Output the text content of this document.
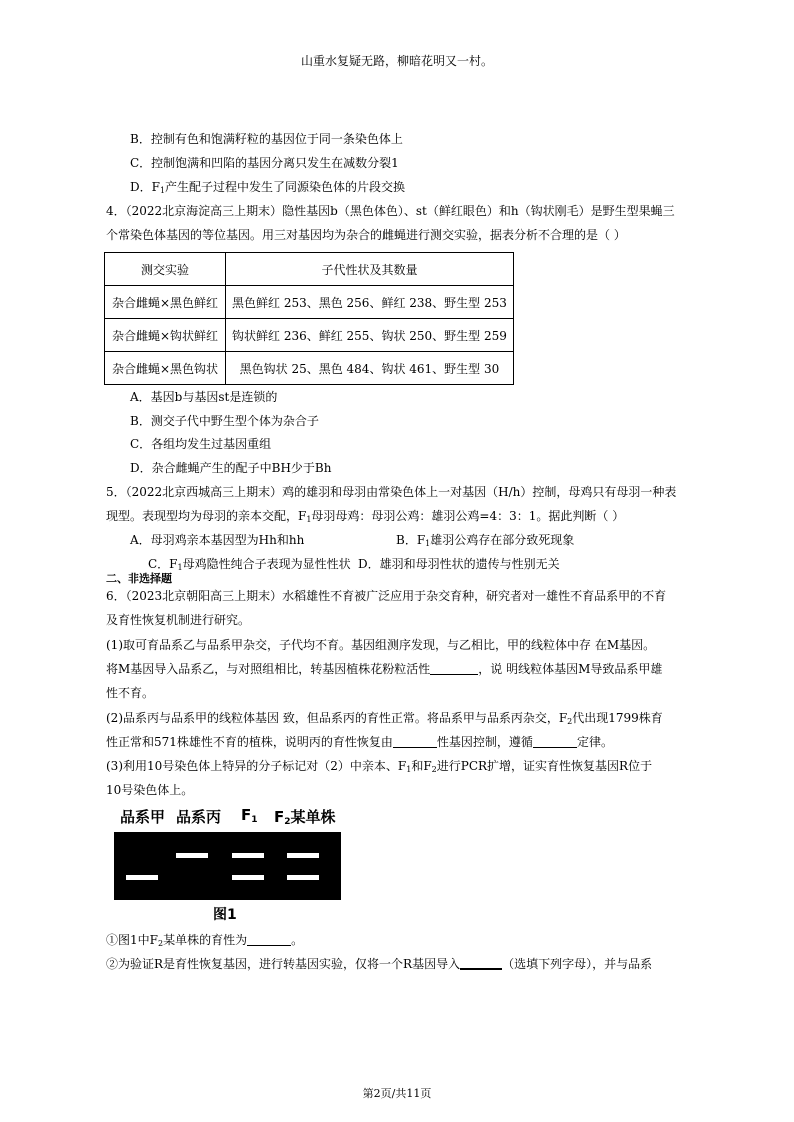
山重水复疑无路，柳暗花明又一村。
B．控制有色和饱满籽粒的基因位于同一条染色体上
C．控制饱满和凹陷的基因分离只发生在减数分裂1
D．$F_1$产生配子过程中发生了同源染色体的片段交换
4．（2022北京海淀高三上期末）隐性基因b（黑色体色）、st（鲜红眼色）和h（钩状刚毛）是野生型果蝇三
个常染色体基因的等位基因。用三对基因均为杂合的雌蝇进行测交实验，据表分析不合理的是（ ）
测交实验	子代性状及其数量
杂合雌蝇×黑色鲜红	黑色鲜红 253、黑色 256、鲜红 238、野生型 253
杂合雌蝇×钩状鲜红	钩状鲜红 236、鲜红 255、钩状 250、野生型 259
杂合雌蝇×黑色钩状	黑色钩状 25、黑色 484、钩状 461、野生型 30
A．基因b与基因st是连锁的
B．测交子代中野生型个体为杂合子
C．各组均发生过基因重组
D．杂合雌蝇产生的配子中BH少于Bh
5．（2022北京西城高三上期末）鸡的雄羽和母羽由常染色体上一对基因（H/h）控制，母鸡只有母羽一种表
现型。表现型均为母羽的亲本交配，$F_1$母羽母鸡：母羽公鸡：雄羽公鸡=4：3：1。据此判断（ ）
A．母羽鸡亲本基因型为Hh和hh	B．$F_1$雄羽公鸡存在部分致死现象
C．$F_1$母鸡隐性纯合子表现为显性性状 D．雄羽和母羽性状的遗传与性别无关
二、非选择题
6．（2023北京朝阳高三上期末）水稻雄性不育被广泛应用于杂交育种，研究者对一雄性不育品系甲的不育
及育性恢复机制进行研究。
(1)取可育品系乙与品系甲杂交，子代均不育。基因组测序发现，与乙相比，甲的线粒体中存 在M基因。
将M基因导入品系乙，与对照组相比，转基因植株花粉粒活性	，说 明线粒体基因M导致品系甲雄
性不育。
(2)品系丙与品系甲的线粒体基因 致，但品系丙的育性正常。将品系甲与品系丙杂交，$F_2$代出现1799株育
性正常和571株雄性不育的植株，说明丙的育性恢复由	性基因控制，遵循	定律。
(3)利用10号染色体上特异的分子标记对（2）中亲本、$F_1$和$F_2$进行PCR扩增，证实育性恢复基因R位于
10号染色体上。
品系甲 品系丙 $F_1$ $F_2$某单株
图1
①图1中$F_2$某单株的育性为	。
②为验证R是育性恢复基因，进行转基因实验，仅将一个R基因导入	（选填下列字母），并与品系
第2页/共11页
